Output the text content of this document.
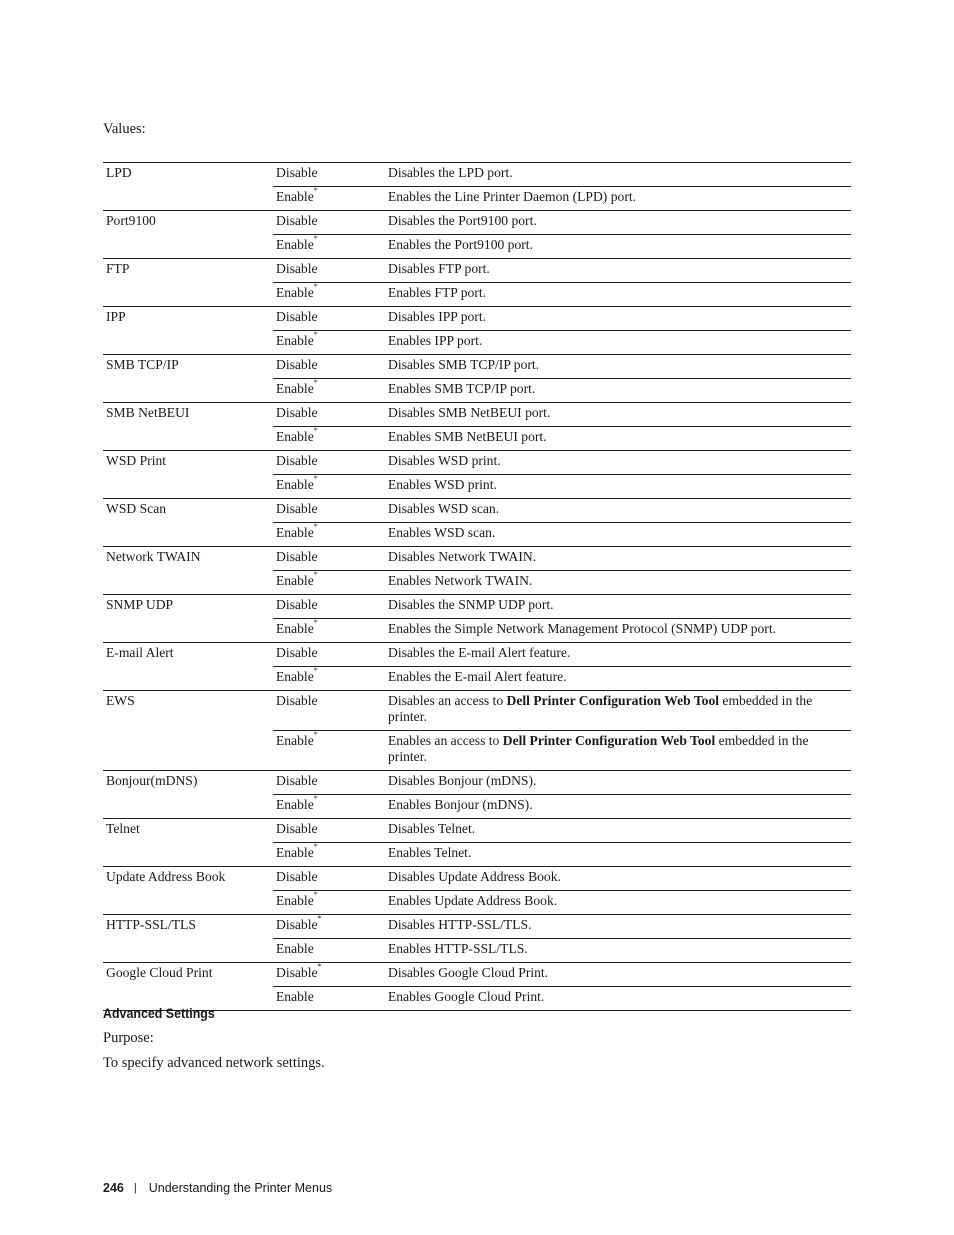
Values:
LPD	Disable	Disables the LPD port.
	Enable*	Enables the Line Printer Daemon (LPD) port.
Port9100	Disable	Disables the Port9100 port.
	Enable*	Enables the Port9100 port.
FTP	Disable	Disables FTP port.
	Enable*	Enables FTP port.
IPP	Disable	Disables IPP port.
	Enable*	Enables IPP port.
SMB TCP/IP	Disable	Disables SMB TCP/IP port.
	Enable*	Enables SMB TCP/IP port.
SMB NetBEUI	Disable	Disables SMB NetBEUI port.
	Enable*	Enables SMB NetBEUI port.
WSD Print	Disable	Disables WSD print.
	Enable*	Enables WSD print.
WSD Scan	Disable	Disables WSD scan.
	Enable*	Enables WSD scan.
Network TWAIN	Disable	Disables Network TWAIN.
	Enable*	Enables Network TWAIN.
SNMP UDP	Disable	Disables the SNMP UDP port.
	Enable*	Enables the Simple Network Management Protocol (SNMP) UDP port.
E-mail Alert	Disable	Disables the E-mail Alert feature.
	Enable*	Enables the E-mail Alert feature.
EWS	Disable	Disables an access to Dell Printer Configuration Web Tool embedded in the printer.
	Enable*	Enables an access to Dell Printer Configuration Web Tool embedded in the printer.
Bonjour(mDNS)	Disable	Disables Bonjour (mDNS).
	Enable*	Enables Bonjour (mDNS).
Telnet	Disable	Disables Telnet.
	Enable*	Enables Telnet.
Update Address Book	Disable	Disables Update Address Book.
	Enable*	Enables Update Address Book.
HTTP-SSL/TLS	Disable*	Disables HTTP-SSL/TLS.
	Enable	Enables HTTP-SSL/TLS.
Google Cloud Print	Disable*	Disables Google Cloud Print.
	Enable	Enables Google Cloud Print.
Advanced Settings
Purpose:
To specify advanced network settings.
246 | Understanding the Printer Menus
